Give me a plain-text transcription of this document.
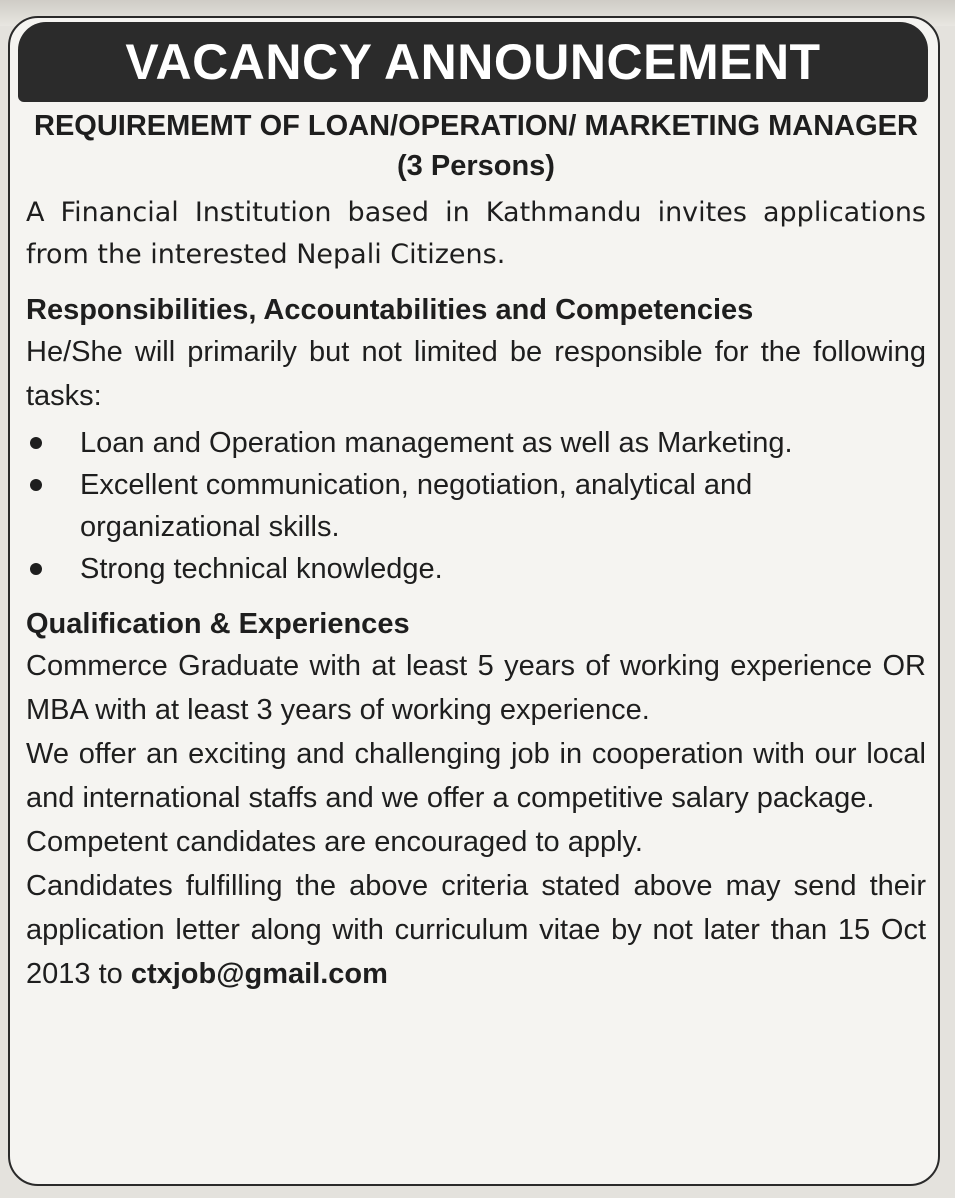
VACANCY ANNOUNCEMENT

REQUIREMEMT OF LOAN/OPERATION/ MARKETING MANAGER (3 Persons)

A Financial Institution based in Kathmandu invites applications from the interested Nepali Citizens.

Responsibilities, Accountabilities and Competencies

He/She will primarily but not limited be responsible for the following tasks:

Loan and Operation management as well as Marketing.
Excellent communication, negotiation, analytical and organizational skills.
Strong technical knowledge.

Qualification & Experiences

Commerce Graduate with at least 5 years of working experience OR MBA with at least 3 years of working experience.

We offer an exciting and challenging job in cooperation with our local and international staffs and we offer a competitive salary package.

Competent candidates are encouraged to apply.

Candidates fulfilling the above criteria stated above may send their application letter along with curriculum vitae by not later than 15 Oct 2013 to ctxjob@gmail.com
